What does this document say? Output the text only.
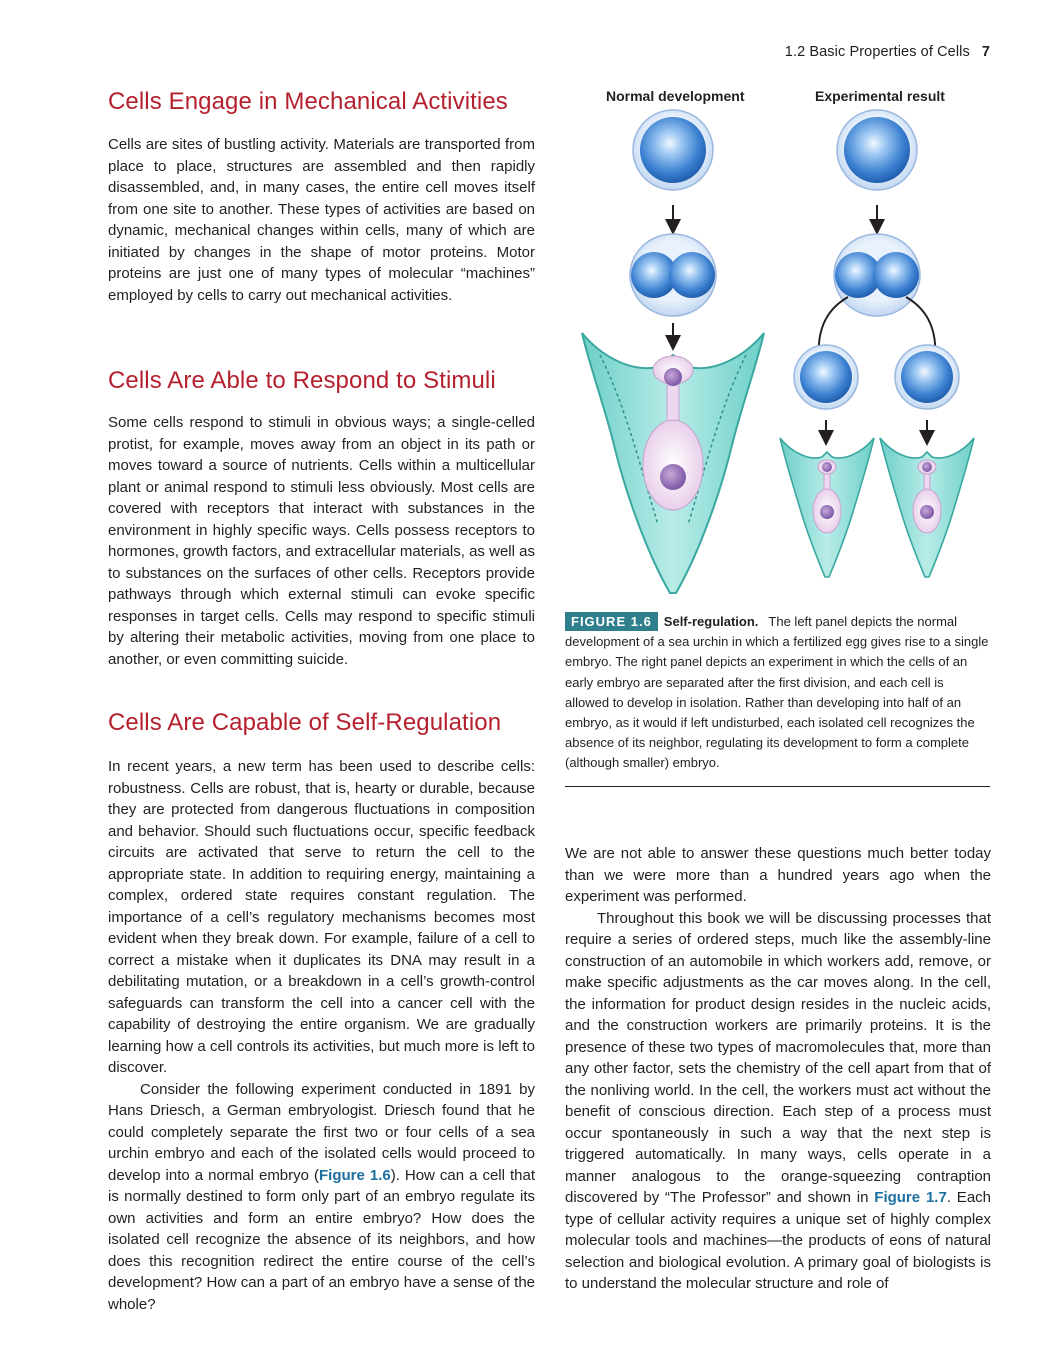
1.2 Basic Properties of Cells 7
Cells Engage in Mechanical Activities

Cells are sites of bustling activity. Materials are transported from place to place, structures are assembled and then rapidly disassembled, and, in many cases, the entire cell moves itself from one site to another. These types of activities are based on dynamic, mechanical changes within cells, many of which are initiated by changes in the shape of motor proteins. Motor proteins are just one of many types of molecular “machines” employed by cells to carry out mechanical activities.

Cells Are Able to Respond to Stimuli

Some cells respond to stimuli in obvious ways; a single-celled protist, for example, moves away from an object in its path or moves toward a source of nutrients. Cells within a multicellular plant or animal respond to stimuli less obviously. Most cells are covered with receptors that interact with substances in the environment in highly specific ways. Cells possess receptors to hormones, growth factors, and extracellular materials, as well as to substances on the surfaces of other cells. Receptors provide pathways through which external stimuli can evoke specific responses in target cells. Cells may respond to specific stimuli by altering their metabolic activities, moving from one place to another, or even committing suicide.

Cells Are Capable of Self-Regulation

In recent years, a new term has been used to describe cells: robustness. Cells are robust, that is, hearty or durable, because they are protected from dangerous fluctuations in composition and behavior. Should such fluctuations occur, specific feedback circuits are activated that serve to return the cell to the appropriate state. In addition to requiring energy, maintaining a complex, ordered state requires constant regulation. The importance of a cell’s regulatory mechanisms becomes most evident when they break down. For example, failure of a cell to correct a mistake when it duplicates its DNA may result in a debilitating mutation, or a breakdown in a cell’s growth-control safeguards can transform the cell into a cancer cell with the capability of destroying the entire organism. We are gradually learning how a cell controls its activities, but much more is left to discover.

Consider the following experiment conducted in 1891 by Hans Driesch, a German embryologist. Driesch found that he could completely separate the first two or four cells of a sea urchin embryo and each of the isolated cells would proceed to develop into a normal embryo (Figure 1.6). How can a cell that is normally destined to form only part of an embryo regulate its own activities and form an entire embryo? How does the isolated cell recognize the absence of its neighbors, and how does this recognition redirect the entire course of the cell’s development? How can a part of an embryo have a sense of the whole?

Normal development	Experimental result

FIGURE 1.6 Self-regulation. The left panel depicts the normal development of a sea urchin in which a fertilized egg gives rise to a single embryo. The right panel depicts an experiment in which the cells of an early embryo are separated after the first division, and each cell is allowed to develop in isolation. Rather than developing into half of an embryo, as it would if left undisturbed, each isolated cell recognizes the absence of its neighbor, regulating its development to form a complete (although smaller) embryo.

We are not able to answer these questions much better today than we were more than a hundred years ago when the experiment was performed.

Throughout this book we will be discussing processes that require a series of ordered steps, much like the assembly-line construction of an automobile in which workers add, remove, or make specific adjustments as the car moves along. In the cell, the information for product design resides in the nucleic acids, and the construction workers are primarily proteins. It is the presence of these two types of macromolecules that, more than any other factor, sets the chemistry of the cell apart from that of the nonliving world. In the cell, the workers must act without the benefit of conscious direction. Each step of a process must occur spontaneously in such a way that the next step is triggered automatically. In many ways, cells operate in a manner analogous to the orange-squeezing contraption discovered by “The Professor” and shown in Figure 1.7. Each type of cellular activity requires a unique set of highly complex molecular tools and machines—the products of eons of natural selection and biological evolution. A primary goal of biologists is to understand the molecular structure and role of
